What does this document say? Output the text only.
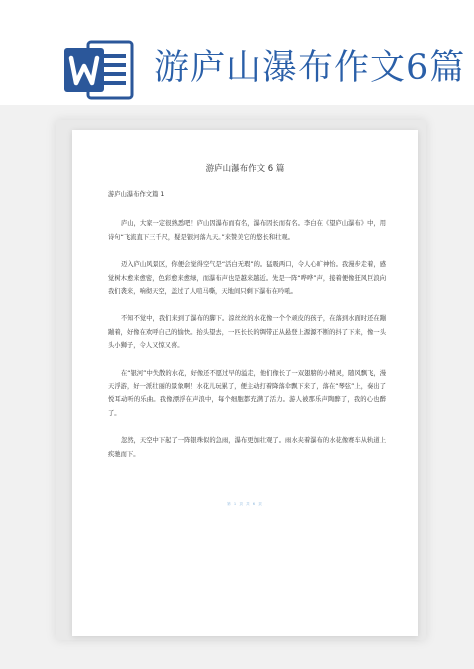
游庐山瀑布作文6篇
游庐山瀑布作文 6 篇

游庐山瀑布作文篇 1

庐山，大家一定很熟悉吧！庐山因瀑布而有名，瀑布因长而有名。李白在《望庐山瀑布》中，用诗句“飞流直下三千尺，疑是银河落九天。”来赞美它的悠长和壮观。

迈入庐山风景区，你便会觉得空气是“活白无瑕”的。猛吸两口，令人心旷神怡。我漫步走着，感觉树木愈来愈密，色彩愈来愈绿，而瀑布声也是越来越近。先是一阵“哗哗”声，接着便像狂风巨浪向我们袭来，响彻天空，盖过了人喧马嘶，天地间只剩下瀑布在吟吼。

不知不觉中，我们来到了瀑布的脚下。涼丝丝的水花像一个个顽皮的孩子，在落到水面时还在蹦蹦着，好像在欢呼自己的愉快。抬头望去，一匹长长的绸带正从悬登上源源不断的抖了下来，像一头头小狮子，令人又惊又喜。

在“银河”中失散的水花，好像还不愿过早的溢走，他们像长了一双翅膀的小精灵，随风飘飞，漫天浮游，好一派壮丽的景象啊！水花儿玩累了，便主动打着降落伞飘下来了，落在“琴弦”上，奏出了悦耳动听的乐曲。我像漂浮在声浪中，每个细胞都充满了活力。游人被那乐声陶醉了，我的心也醉了。

忽然，天空中下起了一阵银珠似的急雨，瀑布更加壮观了。雨水夹着瀑布的水花像赛车从轨道上疾驰而下。

第 1 页 共 6 页
